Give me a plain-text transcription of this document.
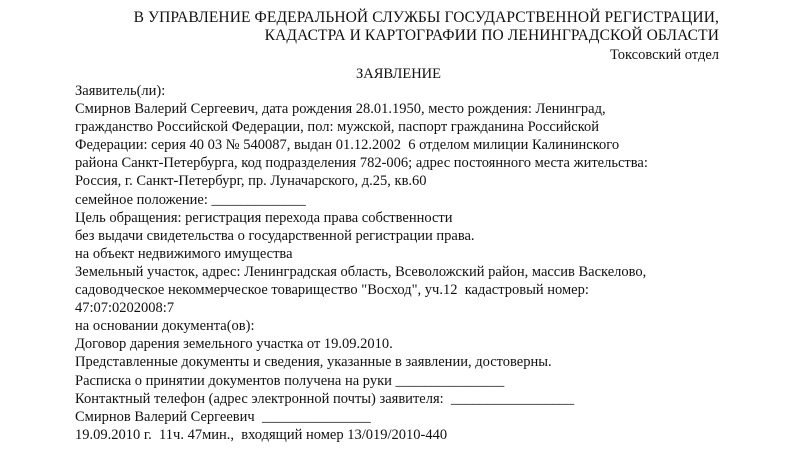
В УПРАВЛЕНИЕ ФЕДЕРАЛЬНОЙ СЛУЖБЫ ГОСУДАРСТВЕННОЙ РЕГИСТРАЦИИ,
КАДАСТРА И КАРТОГРАФИИ ПО ЛЕНИНГРАДСКОЙ ОБЛАСТИ
Токсовский отдел
ЗАЯВЛЕНИЕ
Заявитель(ли):
Смирнов Валерий Сергеевич, дата рождения 28.01.1950, место рождения: Ленинград,
гражданство Российской Федерации, пол: мужской, паспорт гражданина Российской
Федерации: серия 40 03 № 540087, выдан 01.12.2002  6 отделом милиции Калининского
района Санкт-Петербурга, код подразделения 782-006; адрес постоянного места жительства:
Россия, г. Санкт-Петербург, пр. Луначарского, д.25, кв.60
семейное положение: _____________
Цель обращения: регистрация перехода права собственности
без выдачи свидетельства о государственной регистрации права.
на объект недвижимого имущества
Земельный участок, адрес: Ленинградская область, Всеволожский район, массив Васкелово,
садоводческое некоммерческое товарищество "Восход", уч.12  кадастровый номер:
47:07:0202008:7
на основании документа(ов):
Договор дарения земельного участка от 19.09.2010.
Представленные документы и сведения, указанные в заявлении, достоверны.
Расписка о принятии документов получена на руки _______________
Контактный телефон (адрес электронной почты) заявителя:  _________________
Смирнов Валерий Сергеевич  _______________
19.09.2010 г.  11ч. 47мин.,  входящий номер 13/019/2010-440
